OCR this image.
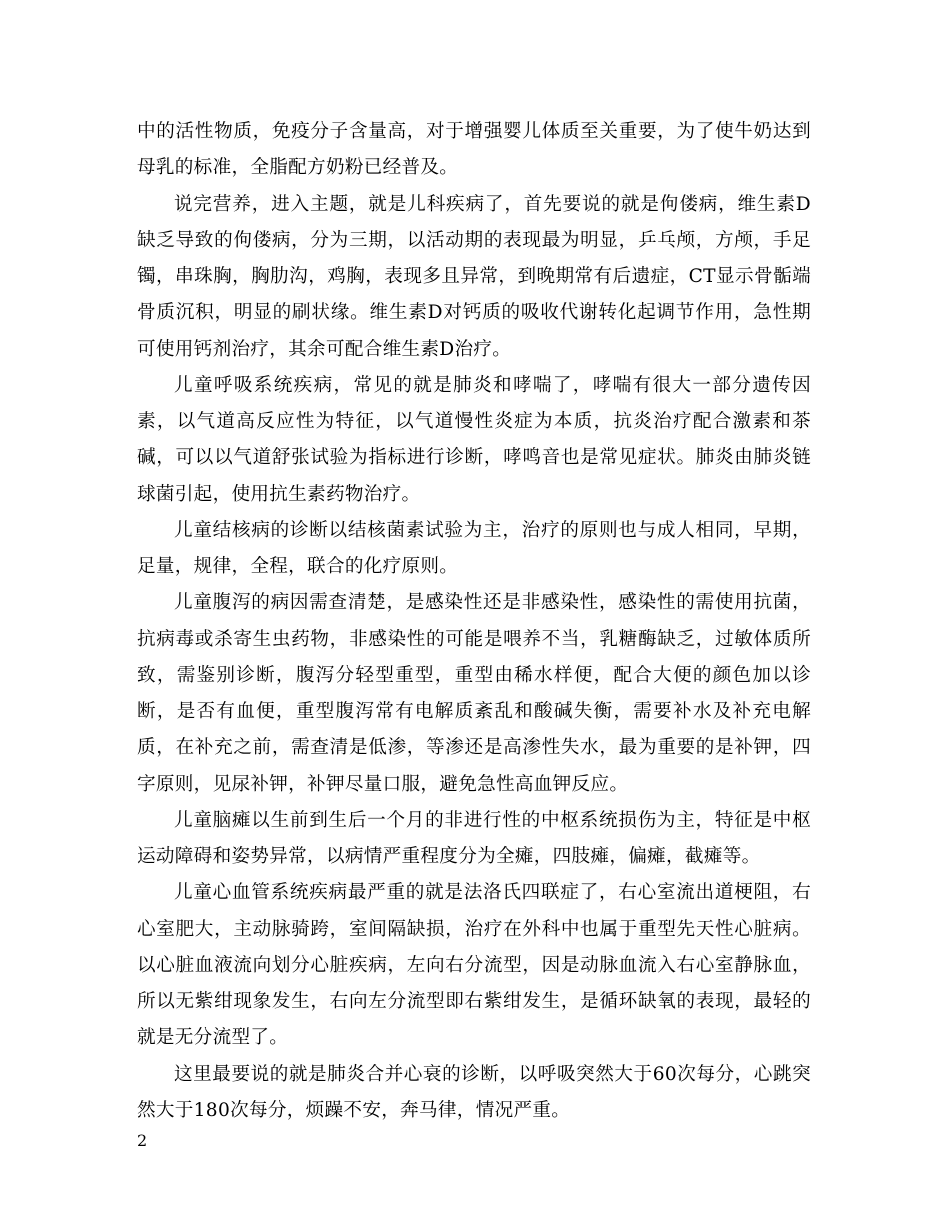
中的活性物质，免疫分子含量高，对于增强婴儿体质至关重要，为了使牛奶达到母乳的标准，全脂配方奶粉已经普及。

说完营养，进入主题，就是儿科疾病了，首先要说的就是佝偻病，维生素D缺乏导致的佝偻病，分为三期，以活动期的表现最为明显，乒乓颅，方颅，手足镯，串珠胸，胸肋沟，鸡胸，表现多且异常，到晚期常有后遗症，CT显示骨骺端骨质沉积，明显的刷状缘。维生素D对钙质的吸收代谢转化起调节作用，急性期可使用钙剂治疗，其余可配合维生素D治疗。

儿童呼吸系统疾病，常见的就是肺炎和哮喘了，哮喘有很大一部分遗传因素，以气道高反应性为特征，以气道慢性炎症为本质，抗炎治疗配合激素和茶碱，可以以气道舒张试验为指标进行诊断，哮鸣音也是常见症状。肺炎由肺炎链球菌引起，使用抗生素药物治疗。

儿童结核病的诊断以结核菌素试验为主，治疗的原则也与成人相同，早期，足量，规律，全程，联合的化疗原则。

儿童腹泻的病因需查清楚，是感染性还是非感染性，感染性的需使用抗菌，抗病毒或杀寄生虫药物，非感染性的可能是喂养不当，乳糖酶缺乏，过敏体质所致，需鉴别诊断，腹泻分轻型重型，重型由稀水样便，配合大便的颜色加以诊断，是否有血便，重型腹泻常有电解质紊乱和酸碱失衡，需要补水及补充电解质，在补充之前，需查清是低渗，等渗还是高渗性失水，最为重要的是补钾，四字原则，见尿补钾，补钾尽量口服，避免急性高血钾反应。

儿童脑瘫以生前到生后一个月的非进行性的中枢系统损伤为主，特征是中枢运动障碍和姿势异常，以病情严重程度分为全瘫，四肢瘫，偏瘫，截瘫等。

儿童心血管系统疾病最严重的就是法洛氏四联症了，右心室流出道梗阻，右心室肥大，主动脉骑跨，室间隔缺损，治疗在外科中也属于重型先天性心脏病。以心脏血液流向划分心脏疾病，左向右分流型，因是动脉血流入右心室静脉血，所以无紫绀现象发生，右向左分流型即右紫绀发生，是循环缺氧的表现，最轻的就是无分流型了。

这里最要说的就是肺炎合并心衰的诊断，以呼吸突然大于60次每分，心跳突然大于180次每分，烦躁不安，奔马律，情况严重。

2
